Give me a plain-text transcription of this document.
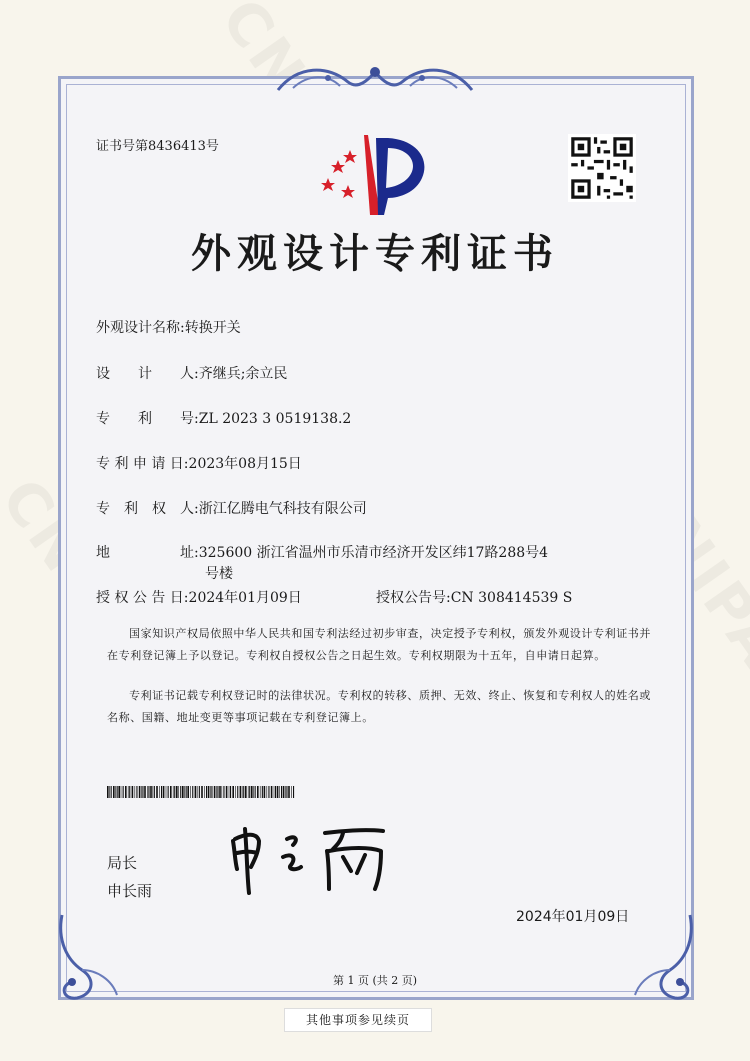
证书号第8436413号
外观设计专利证书
外观设计名称:转换开关
设　　计　　人:齐继兵;余立民
专　　利　　号:ZL 2023 3 0519138.2
专 利 申 请 日:2023年08月15日
专　利　权　人:浙江亿腾电气科技有限公司
地　　　　　址:325600 浙江省温州市乐清市经济开发区纬17路288号4
号楼
授 权 公 告 日:2024年01月09日	授权公告号:CN 308414539 S
国家知识产权局依照中华人民共和国专利法经过初步审查，决定授予专利权，颁发外观设计专利证书并在专利登记簿上予以登记。专利权自授权公告之日起生效。专利权期限为十五年，自申请日起算。
专利证书记载专利权登记时的法律状况。专利权的转移、质押、无效、终止、恢复和专利权人的姓名或名称、国籍、地址变更等事项记载在专利登记簿上。
局长
申长雨
2024年01月09日
第 1 页 (共 2 页)
其他事项参见续页
